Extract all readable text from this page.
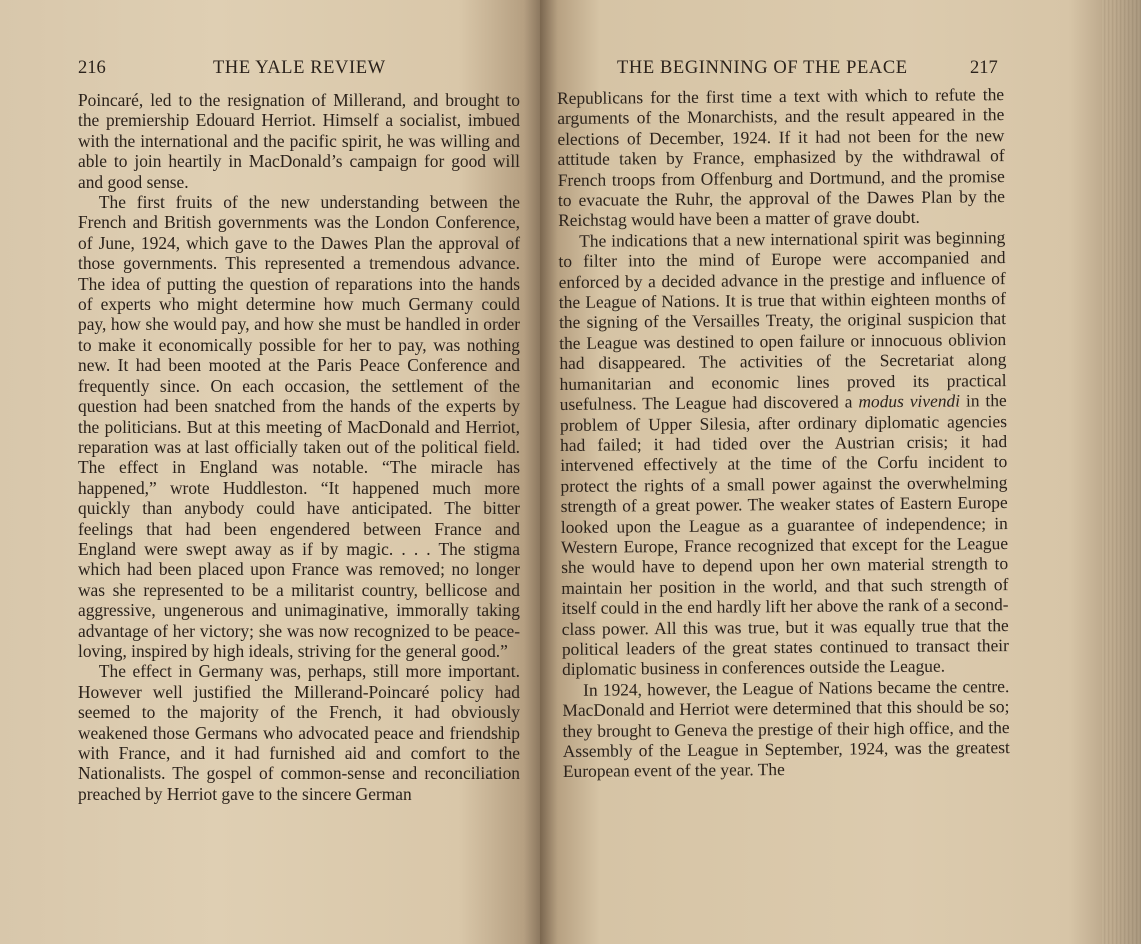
216	THE YALE REVIEW

Poincaré, led to the resignation of Millerand, and brought to the premiership Edouard Herriot. Himself a socialist, imbued with the international and the pacific spirit, he was willing and able to join heartily in MacDonald’s campaign for good will and good sense.

The first fruits of the new understanding between the French and British governments was the London Conference, of June, 1924, which gave to the Dawes Plan the approval of those governments. This represented a tremendous advance. The idea of putting the question of reparations into the hands of experts who might determine how much Germany could pay, how she would pay, and how she must be handled in order to make it economically possible for her to pay, was nothing new. It had been mooted at the Paris Peace Conference and frequently since. On each occasion, the settlement of the question had been snatched from the hands of the experts by the politicians. But at this meeting of MacDonald and Herriot, reparation was at last officially taken out of the political field. The effect in England was notable. “The miracle has happened,” wrote Huddleston. “It happened much more quickly than anybody could have anticipated. The bitter feelings that had been engendered between France and England were swept away as if by magic. . . . The stigma which had been placed upon France was removed; no longer was she represented to be a militarist country, bellicose and aggressive, ungenerous and unimaginative, immorally taking advantage of her victory; she was now recognized to be peace-loving, inspired by high ideals, striving for the general good.”

The effect in Germany was, perhaps, still more important. However well justified the Millerand-Poincaré policy had seemed to the majority of the French, it had obviously weakened those Germans who advocated peace and friendship with France, and it had furnished aid and comfort to the Nationalists. The gospel of common-sense and reconciliation preached by Herriot gave to the sincere German

THE BEGINNING OF THE PEACE	217

Republicans for the first time a text with which to refute the arguments of the Monarchists, and the result appeared in the elections of December, 1924. If it had not been for the new attitude taken by France, emphasized by the withdrawal of French troops from Offenburg and Dortmund, and the promise to evacuate the Ruhr, the approval of the Dawes Plan by the Reichstag would have been a matter of grave doubt.

The indications that a new international spirit was beginning to filter into the mind of Europe were accompanied and enforced by a decided advance in the prestige and influence of the League of Nations. It is true that within eighteen months of the signing of the Versailles Treaty, the original suspicion that the League was destined to open failure or innocuous oblivion had disappeared. The activities of the Secretariat along humanitarian and economic lines proved its practical usefulness. The League had discovered a modus vivendi in the problem of Upper Silesia, after ordinary diplomatic agencies had failed; it had tided over the Austrian crisis; it had intervened effectively at the time of the Corfu incident to protect the rights of a small power against the overwhelming strength of a great power. The weaker states of Eastern Europe looked upon the League as a guarantee of independence; in Western Europe, France recognized that except for the League she would have to depend upon her own material strength to maintain her position in the world, and that such strength of itself could in the end hardly lift her above the rank of a second-class power. All this was true, but it was equally true that the political leaders of the great states continued to transact their diplomatic business in conferences outside the League.

In 1924, however, the League of Nations became the centre. MacDonald and Herriot were determined that this should be so; they brought to Geneva the prestige of their high office, and the Assembly of the League in September, 1924, was the greatest European event of the year. The
